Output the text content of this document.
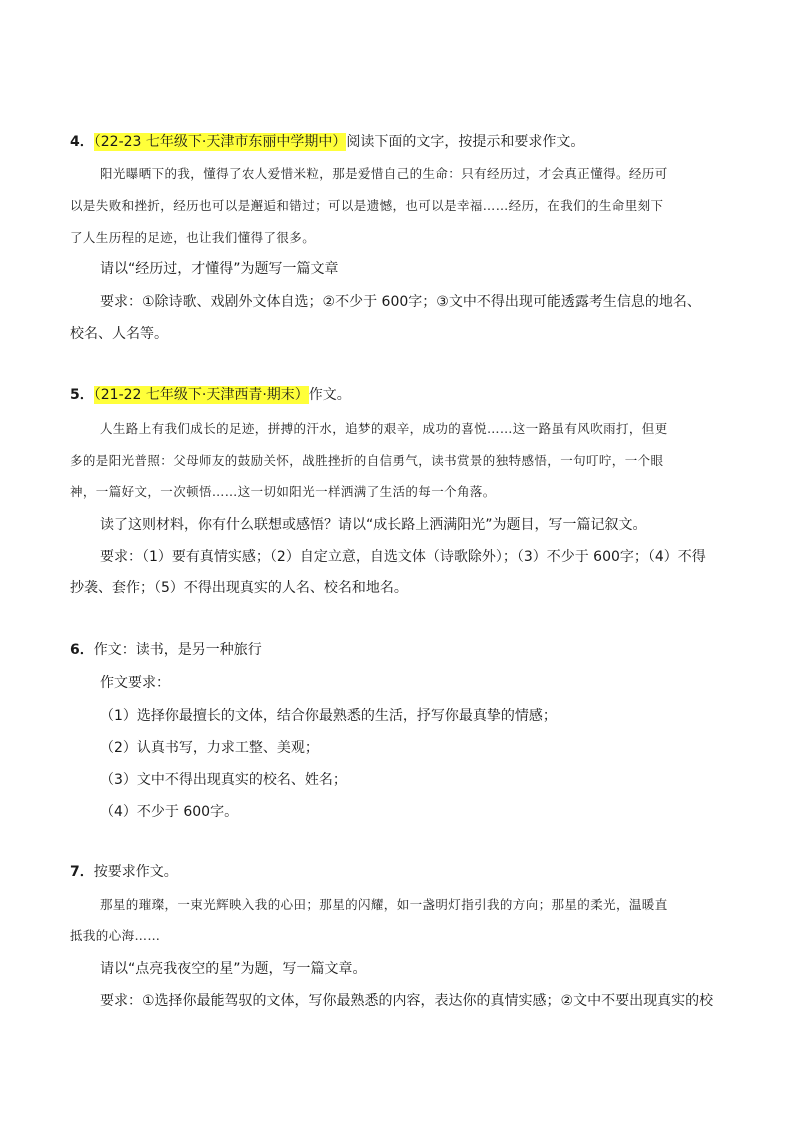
4．（22-23 七年级下·天津市东丽中学期中）阅读下面的文字，按提示和要求作文。
阳光曝晒下的我，懂得了农人爱惜米粒，那是爱惜自己的生命：只有经历过，才会真正懂得。经历可
以是失败和挫折，经历也可以是邂逅和错过；可以是遗憾，也可以是幸福……经历，在我们的生命里刻下
了人生历程的足迹，也让我们懂得了很多。
请以“经历过，才懂得”为题写一篇文章
要求：①除诗歌、戏剧外文体自选；②不少于 600字；③文中不得出现可能透露考生信息的地名、
校名、人名等。
5．（21-22 七年级下·天津西青·期末）作文。
人生路上有我们成长的足迹，拼搏的汗水，追梦的艰辛，成功的喜悦……这一路虽有风吹雨打，但更
多的是阳光普照：父母师友的鼓励关怀，战胜挫折的自信勇气，读书赏景的独特感悟，一句叮咛，一个眼
神，一篇好文，一次顿悟……这一切如阳光一样洒满了生活的每一个角落。
读了这则材料，你有什么联想或感悟？请以“成长路上洒满阳光”为题目，写一篇记叙文。
要求：（1）要有真情实感；（2）自定立意，自选文体（诗歌除外）；（3）不少于 600字；（4）不得
抄袭、套作；（5）不得出现真实的人名、校名和地名。
6．作文：读书，是另一种旅行
作文要求：
（1）选择你最擅长的文体，结合你最熟悉的生活，抒写你最真挚的情感；
（2）认真书写，力求工整、美观；
（3）文中不得出现真实的校名、姓名；
（4）不少于 600字。
7．按要求作文。
那星的璀璨，一束光辉映入我的心田；那星的闪耀，如一盏明灯指引我的方向；那星的柔光，温暖直
抵我的心海……
请以“点亮我夜空的星”为题，写一篇文章。
要求：①选择你最能驾驭的文体，写你最熟悉的内容，表达你的真情实感；②文中不要出现真实的校
